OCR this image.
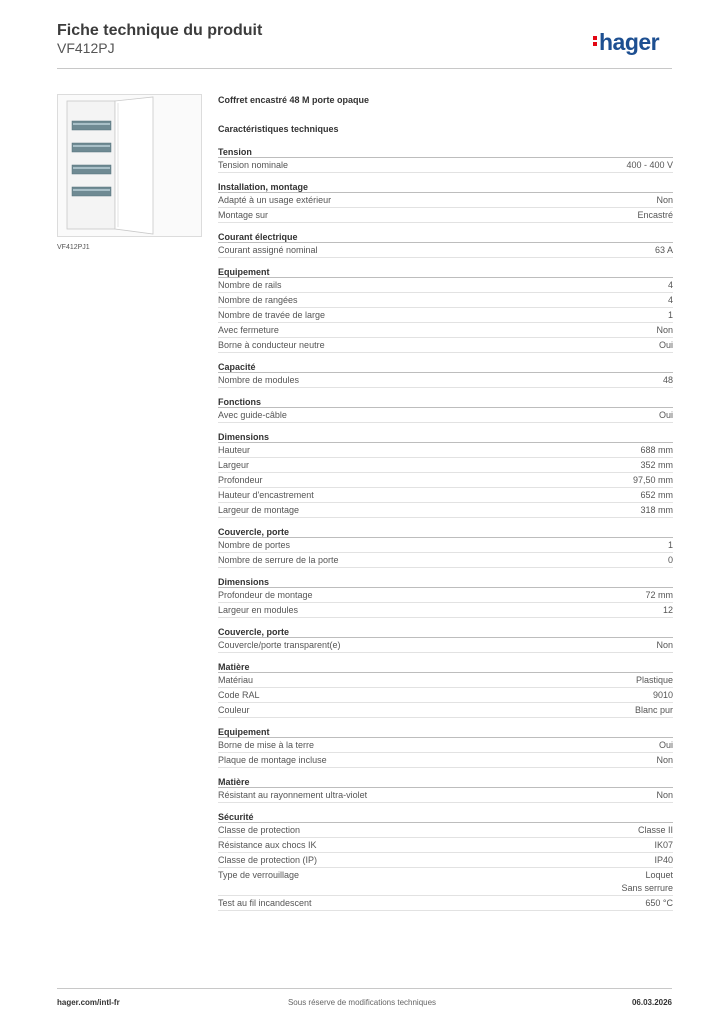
Fiche technique du produit
VF412PJ	hager
VF412PJ1
Coffret encastré 48 M porte opaque
Caractéristiques techniques
Tension
Tension nominale	400 - 400 V
Installation, montage
Adapté à un usage extérieur	Non
Montage sur	Encastré
Courant électrique
Courant assigné nominal	63 A
Equipement
Nombre de rails	4
Nombre de rangées	4
Nombre de travée de large	1
Avec fermeture	Non
Borne à conducteur neutre	Oui
Capacité
Nombre de modules	48
Fonctions
Avec guide-câble	Oui
Dimensions
Hauteur	688 mm
Largeur	352 mm
Profondeur	97,50 mm
Hauteur d'encastrement	652 mm
Largeur de montage	318 mm
Couvercle, porte
Nombre de portes	1
Nombre de serrure de la porte	0
Dimensions
Profondeur de montage	72 mm
Largeur en modules	12
Couvercle, porte
Couvercle/porte transparent(e)	Non
Matière
Matériau	Plastique
Code RAL	9010
Couleur	Blanc pur
Equipement
Borne de mise à la terre	Oui
Plaque de montage incluse	Non
Matière
Résistant au rayonnement ultra-violet	Non
Sécurité
Classe de protection	Classe II
Résistance aux chocs IK	IK07
Classe de protection (IP)	IP40
Type de verrouillage	Loquet
Sans serrure
Test au fil incandescent	650 °C
hager.com/intl-fr	Sous réserve de modifications techniques	06.03.2026
